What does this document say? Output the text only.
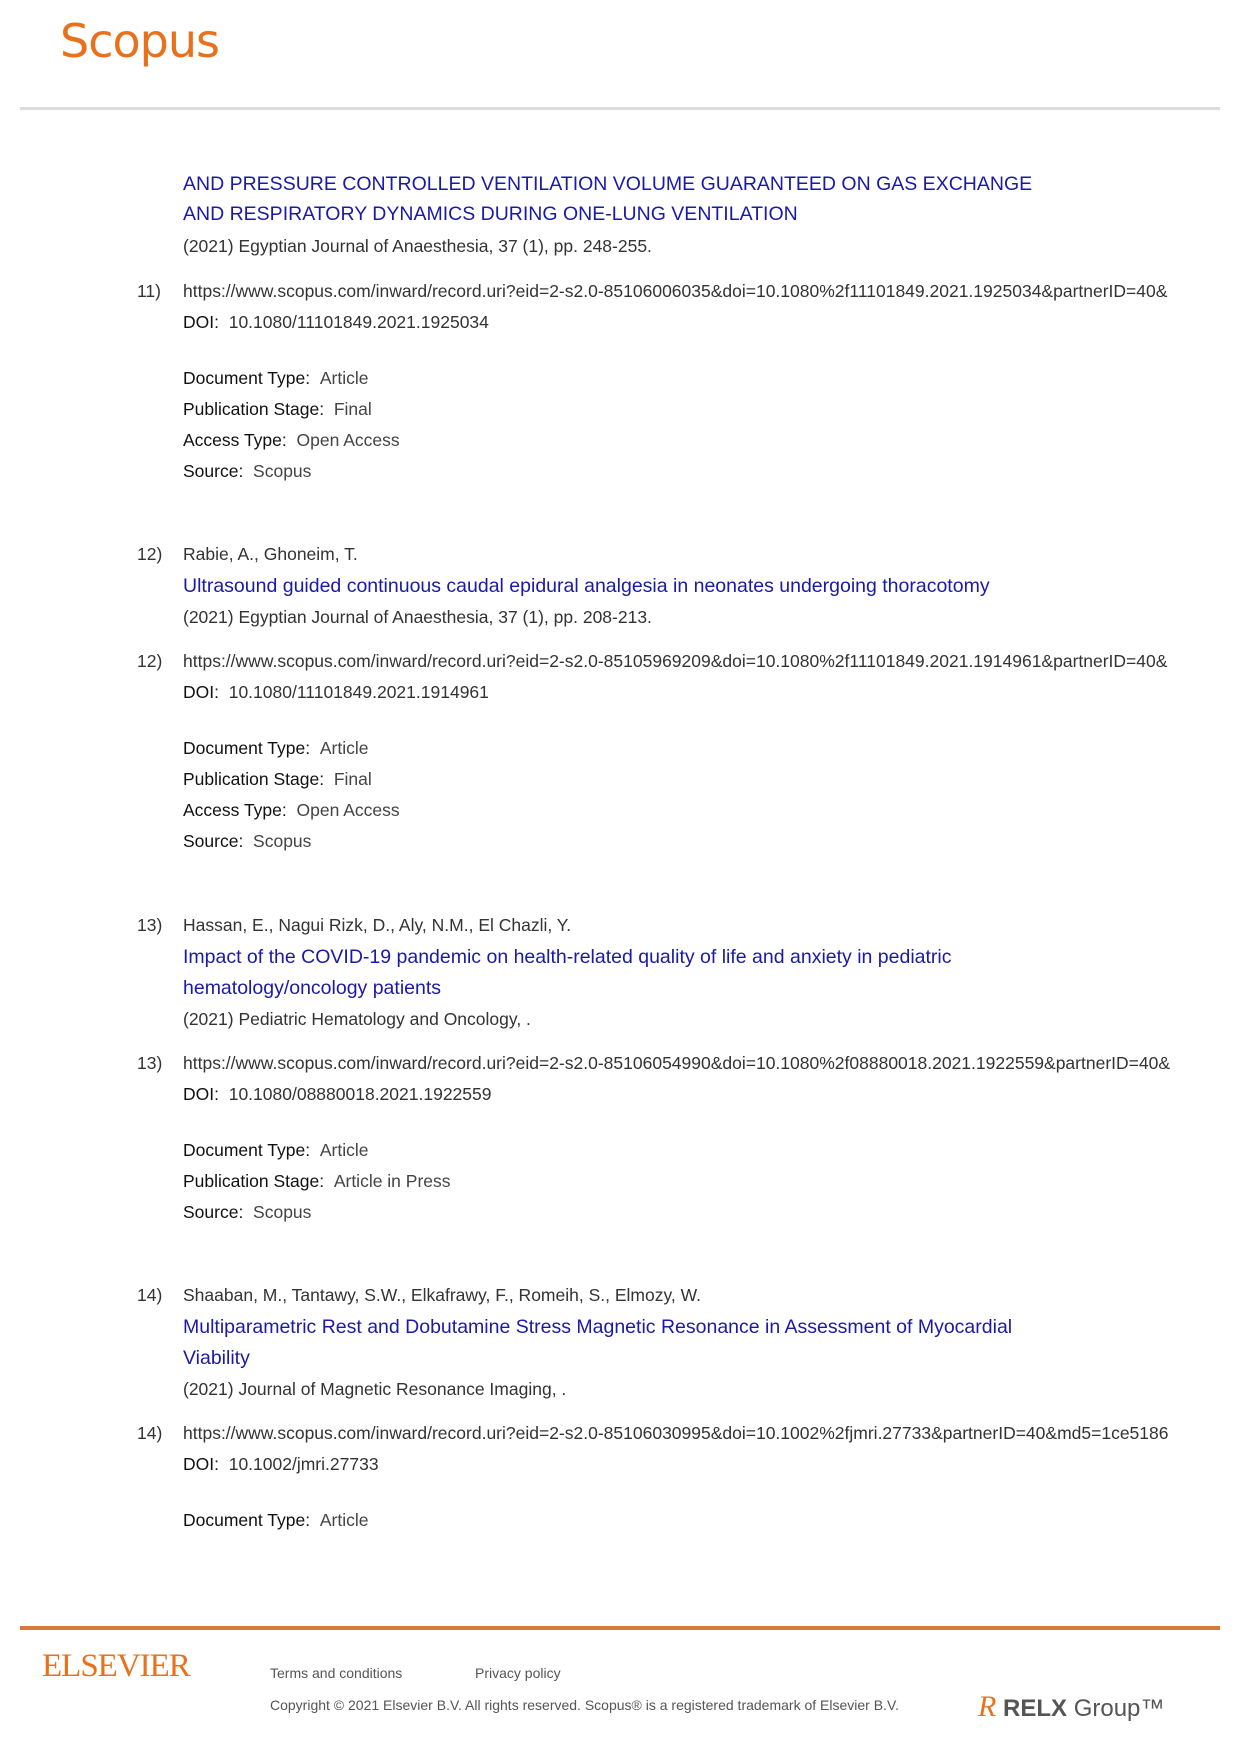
Scopus
AND PRESSURE CONTROLLED VENTILATION VOLUME GUARANTEED ON GAS EXCHANGE
AND RESPIRATORY DYNAMICS DURING ONE-LUNG VENTILATION
(2021) Egyptian Journal of Anaesthesia, 37 (1), pp. 248-255.
11) https://www.scopus.com/inward/record.uri?eid=2-s2.0-85106006035&doi=10.1080%2f11101849.2021.1925034&partnerID=40&
DOI: 10.1080/11101849.2021.1925034
Document Type: Article
Publication Stage: Final
Access Type: Open Access
Source: Scopus
12) Rabie, A., Ghoneim, T.
Ultrasound guided continuous caudal epidural analgesia in neonates undergoing thoracotomy
(2021) Egyptian Journal of Anaesthesia, 37 (1), pp. 208-213.
12) https://www.scopus.com/inward/record.uri?eid=2-s2.0-85105969209&doi=10.1080%2f11101849.2021.1914961&partnerID=40&
DOI: 10.1080/11101849.2021.1914961
Document Type: Article
Publication Stage: Final
Access Type: Open Access
Source: Scopus
13) Hassan, E., Nagui Rizk, D., Aly, N.M., El Chazli, Y.
Impact of the COVID-19 pandemic on health-related quality of life and anxiety in pediatric
hematology/oncology patients
(2021) Pediatric Hematology and Oncology, .
13) https://www.scopus.com/inward/record.uri?eid=2-s2.0-85106054990&doi=10.1080%2f08880018.2021.1922559&partnerID=40&
DOI: 10.1080/08880018.2021.1922559
Document Type: Article
Publication Stage: Article in Press
Source: Scopus
14) Shaaban, M., Tantawy, S.W., Elkafrawy, F., Romeih, S., Elmozy, W.
Multiparametric Rest and Dobutamine Stress Magnetic Resonance in Assessment of Myocardial
Viability
(2021) Journal of Magnetic Resonance Imaging, .
14) https://www.scopus.com/inward/record.uri?eid=2-s2.0-85106030995&doi=10.1002%2fjmri.27733&partnerID=40&md5=1ce5186
DOI: 10.1002/jmri.27733
Document Type: Article
ELSEVIER	Terms and conditions	Privacy policy
Copyright © 2021 Elsevier B.V. All rights reserved. Scopus® is a registered trademark of Elsevier B.V.	R RELX Group™
